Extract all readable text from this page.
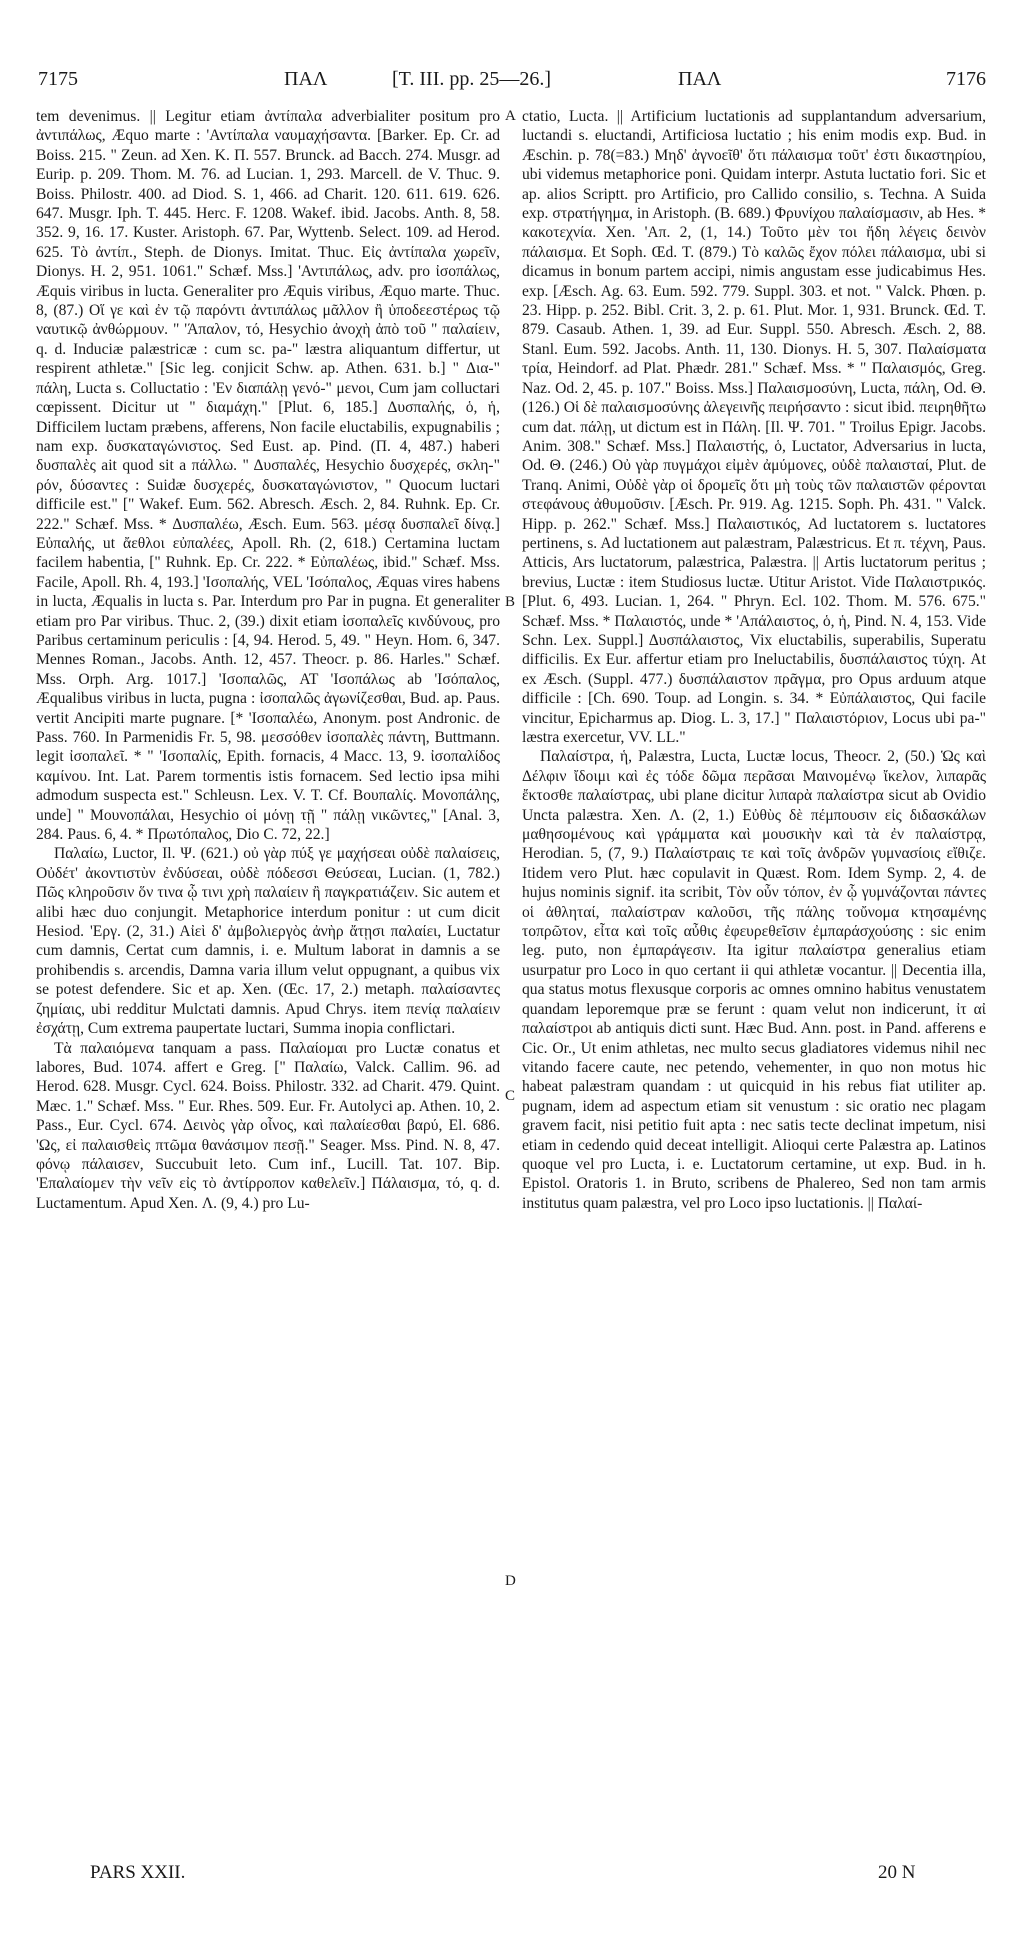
7175	ΠΑΛ	[T. III. pp. 25—26.]	ΠΑΛ	7176

tem devenimus. || Legitur etiam ἀντίπαλα adverbialiter positum pro ἀντιπάλως, Æquo marte : 'Αντίπαλα ναυμαχήσαντα. [Barker. Ep. Cr. ad Boiss. 215. " Zeun. ad Xen. K. Π. 557. Brunck. ad Bacch. 274. Musgr. ad Eurip. p. 209. Thom. M. 76. ad Lucian. 1, 293. Marcell. de V. Thuc. 9. Boiss. Philostr. 400. ad Diod. S. 1, 466. ad Charit. 120. 611. 619. 626. 647. Musgr. Iph. T. 445. Herc. F. 1208. Wakef. ibid. Jacobs. Anth. 8, 58. 352. 9, 16. 17. Kuster. Aristoph. 67. Par, Wyttenb. Select. 109. ad Herod. 625. Τὸ ἀντίπ., Steph. de Dionys. Imitat. Thuc. Εἰς ἀντίπαλα χωρεῖν, Dionys. H. 2, 951. 1061." Schæf. Mss.] 'Αντιπάλως, adv. pro ἰσοπάλως, Æquis viribus in lucta. Generaliter pro Æquis viribus, Æquo marte. Thuc. 8, (87.) Οἵ γε καὶ ἐν τῷ παρόντι ἀντιπάλως μᾶλλον ἢ ὑποδεεστέρως τῷ ναυτικῷ ἀνθώρμουν. " 'Άπαλον, τό, Hesychio ἀνοχὴ ἀπὸ τοῦ " παλαίειν, q. d. Induciæ palæstricæ : cum sc. pa-" læstra aliquantum differtur, ut respirent athletæ." [Sic leg. conjicit Schw. ap. Athen. 631. b.] " Δια-" πάλη, Lucta s. Colluctatio : 'Εν διαπάλῃ γενό-" μενοι, Cum jam colluctari cœpissent. Dicitur ut " διαμάχη." [Plut. 6, 185.] Δυσπαλής, ὁ, ἡ, Difficilem luctam præbens, afferens, Non facile eluctabilis, expugnabilis ; nam exp. δυσκαταγώνιστος. Sed Eust. ap. Pind. (Π. 4, 487.) haberi δυσπαλὲς ait quod sit a πάλλω. " Δυσπαλές, Hesychio δυσχερές, σκλη-" ρόν, δύσαντες : Suidæ δυσχερές, δυσκαταγώνιστον, " Quocum luctari difficile est." [" Wakef. Eum. 562. Abresch. Æsch. 2, 84. Ruhnk. Ep. Cr. 222." Schæf. Mss. * Δυσπαλέω, Æsch. Eum. 563. μέσᾳ δυσπαλεῖ δίνᾳ.] Εὐπαλής, ut ἄεθλοι εὐπαλέες, Apoll. Rh. (2, 618.) Certamina luctam facilem habentia, [" Ruhnk. Ep. Cr. 222. * Εὐπαλέως, ibid." Schæf. Mss. Facile, Apoll. Rh. 4, 193.] 'Ισοπαλής, VEL 'Ισόπαλος, Æquas vires habens in lucta, Æqualis in lucta s. Par. Interdum pro Par in pugna. Et generaliter etiam pro Par viribus. Thuc. 2, (39.) dixit etiam ἰσοπαλεῖς κινδύνους, pro Paribus certaminum periculis : [4, 94. Herod. 5, 49. " Heyn. Hom. 6, 347. Mennes Roman., Jacobs. Anth. 12, 457. Theocr. p. 86. Harles." Schæf. Mss. Orph. Arg. 1017.] 'Ισοπαλῶς, AT 'Ισοπάλως ab 'Ισόπαλος, Æqualibus viribus in lucta, pugna : ἰσοπαλῶς ἀγωνίζεσθαι, Bud. ap. Paus. vertit Ancipiti marte pugnare. [* 'Ισοπαλέω, Anonym. post Andronic. de Pass. 760. In Parmenidis Fr. 5, 98. μεσσόθεν ἰσοπαλὲς πάντη, Buttmann. legit ἰσοπαλεῖ. * " 'Ισοπαλίς, Epith. fornacis, 4 Macc. 13, 9. ἰσοπαλίδος καμίνου. Int. Lat. Parem tormentis istis fornacem. Sed lectio ipsa mihi admodum suspecta est." Schleusn. Lex. V. T. Cf. Βουπαλίς. Μονοπάλης, unde] " Μουνοπάλαι, Hesychio οἱ μόνῃ τῇ " πάλῃ νικῶντες," [Anal. 3, 284. Paus. 6, 4. * Πρωτόπαλος, Dio C. 72, 22.]

Παλαίω, Luctor, Il. Ψ. (621.) οὐ γὰρ πύξ γε μαχήσεαι οὐδὲ παλαίσεις, Οὐδέτ' ἀκοντιστὺν ἐνδύσεαι, οὐδὲ πόδεσσι Θεύσεαι, Lucian. (1, 782.) Πῶς κληροῦσιν ὅν τινα ᾧ τινι χρὴ παλαίειν ἢ παγκρατιάζειν. Sic autem et alibi hæc duo conjungit. Metaphorice interdum ponitur : ut cum dicit Hesiod. 'Εργ. (2, 31.) Αἰεὶ δ' ἀμβολιεργὸς ἀνὴρ ἄτῃσι παλαίει, Luctatur cum damnis, Certat cum damnis, i. e. Multum laborat in damnis a se prohibendis s. arcendis, Damna varia illum velut oppugnant, a quibus vix se potest defendere. Sic et ap. Xen. (Œc. 17, 2.) metaph. παλαίσαντες ζημίαις, ubi redditur Mulctati damnis. Apud Chrys. item πενίᾳ παλαίειν ἐσχάτῃ, Cum extrema paupertate luctari, Summa inopia conflictari.

Τὰ παλαιόμενα tanquam a pass. Παλαίομαι pro Luctæ conatus et labores, Bud. 1074. affert e Greg. [" Παλαίω, Valck. Callim. 96. ad Herod. 628. Musgr. Cycl. 624. Boiss. Philostr. 332. ad Charit. 479. Quint. Mæc. 1." Schæf. Mss. " Eur. Rhes. 509. Eur. Fr. Autolyci ap. Athen. 10, 2. Pass., Eur. Cycl. 674. Δεινὸς γὰρ οἶνος, καὶ παλαίεσθαι βαρύ, El. 686. 'Ως, εἰ παλαισθεὶς πτῶμα θανάσιμον πεσῇ." Seager. Mss. Pind. N. 8, 47. φόνῳ πάλαισεν, Succubuit leto. Cum inf., Lucill. Tat. 107. Bip. 'Επαλαίομεν τὴν νεῖν εἰς τὸ ἀντίρροπον καθελεῖν.] Πάλαισμα, τό, q. d. Luctamentum. Apud Xen. Λ. (9, 4.) pro Lu-

ctatio, Lucta. || Artificium luctationis ad supplantandum adversarium, luctandi s. eluctandi, Artificiosa luctatio ; his enim modis exp. Bud. in Æschin. p. 78(=83.) Μηδ' ἀγνοεῖθ' ὅτι πάλαισμα τοῦτ' ἐστι δικαστηρίου, ubi videmus metaphorice poni. Quidam interpr. Astuta luctatio fori. Sic et ap. alios Scriptt. pro Artificio, pro Callido consilio, s. Techna. A Suida exp. στρατήγημα, in Aristoph. (B. 689.) Φρυνίχου παλαίσμασιν, ab Hes. * κακοτεχνία. Xen. 'Απ. 2, (1, 14.) Τοῦτο μὲν τοι ἤδη λέγεις δεινὸν πάλαισμα. Et Soph. Œd. T. (879.) Τὸ καλῶς ἔχον πόλει πάλαισμα, ubi si dicamus in bonum partem accipi, nimis angustam esse judicabimus Hes. exp. [Æsch. Ag. 63. Eum. 592. 779. Suppl. 303. et not. " Valck. Phœn. p. 23. Hipp. p. 252. Bibl. Crit. 3, 2. p. 61. Plut. Mor. 1, 931. Brunck. Œd. T. 879. Casaub. Athen. 1, 39. ad Eur. Suppl. 550. Abresch. Æsch. 2, 88. Stanl. Eum. 592. Jacobs. Anth. 11, 130. Dionys. H. 5, 307. Παλαίσματα τρία, Heindorf. ad Plat. Phædr. 281." Schæf. Mss. * " Παλαισμός, Greg. Naz. Od. 2, 45. p. 107." Boiss. Mss.] Παλαισμοσύνη, Lucta, πάλη, Od. Θ. (126.) Οἱ δὲ παλαισμοσύνης ἀλεγεινῆς πειρήσαντο : sicut ibid. πειρηθῆτω cum dat. πάλῃ, ut dictum est in Πάλη. [Il. Ψ. 701. " Troilus Epigr. Jacobs. Anim. 308." Schæf. Mss.] Παλαιστής, ὁ, Luctator, Adversarius in lucta, Od. Θ. (246.) Οὐ γὰρ πυγμάχοι εἰμὲν ἀμύμονες, οὐδὲ παλαισταί, Plut. de Tranq. Animi, Οὐδὲ γὰρ οἱ δρομεῖς ὅτι μὴ τοὺς τῶν παλαιστῶν φέρονται στεφάνους ἀθυμοῦσιν. [Æsch. Pr. 919. Ag. 1215. Soph. Ph. 431. " Valck. Hipp. p. 262." Schæf. Mss.] Παλαιστικός, Ad luctatorem s. luctatores pertinens, s. Ad luctationem aut palæstram, Palæstricus. Et π. τέχνη, Paus. Atticis, Ars luctatorum, palæstrica, Palæstra. || Artis luctatorum peritus ; brevius, Luctæ : item Studiosus luctæ. Utitur Aristot. Vide Παλαιστρικός. [Plut. 6, 493. Lucian. 1, 264. " Phryn. Ecl. 102. Thom. M. 576. 675." Schæf. Mss. * Παλαιστός, unde * 'Απάλαιστος, ὁ, ἡ, Pind. N. 4, 153. Vide Schn. Lex. Suppl.] Δυσπάλαιστος, Vix eluctabilis, superabilis, Superatu difficilis. Ex Eur. affertur etiam pro Ineluctabilis, δυσπάλαιστος τύχη. At ex Æsch. (Suppl. 477.) δυσπάλαιστον πρᾶγμα, pro Opus arduum atque difficile : [Ch. 690. Toup. ad Longin. s. 34. * Εὐπάλαιστος, Qui facile vincitur, Epicharmus ap. Diog. L. 3, 17.] " Παλαιστόριον, Locus ubi pa-" læstra exercetur, VV. LL."

Παλαίστρα, ἡ, Palæstra, Lucta, Luctæ locus, Theocr. 2, (50.) Ὡς καὶ Δέλφιν ἴδοιμι καὶ ἐς τόδε δῶμα περᾶσαι Μαινομένῳ ἴκελον, λιπαρᾶς ἔκτοσθε παλαίστρας, ubi plane dicitur λιπαρὰ παλαίστρα sicut ab Ovidio Uncta palæstra. Xen. Λ. (2, 1.) Εὐθὺς δὲ πέμπουσιν εἰς διδασκάλων μαθησομένους καὶ γράμματα καὶ μουσικὴν καὶ τὰ ἐν παλαίστρᾳ, Herodian. 5, (7, 9.) Παλαίστραις τε καὶ τοῖς ἀνδρῶν γυμνασίοις εἴθιζε. Itidem vero Plut. hæc copulavit in Quæst. Rom. Idem Symp. 2, 4. de hujus nominis signif. ita scribit, Τὸν οὖν τόπον, ἐν ᾧ γυμνάζονται πάντες οἱ ἀθληταί, παλαίστραν καλοῦσι, τῆς πάλης τοὔνομα κτησαμένης τοπρῶτον, εἶτα καὶ τοῖς αὖθις ἐφευρεθεῖσιν ἐμπαράσχούσης : sic enim leg. puto, non ἐμπαράγεσιν. Ita igitur παλαίστρα generalius etiam usurpatur pro Loco in quo certant ii qui athletæ vocantur. || Decentia illa, qua status motus flexusque corporis ac omnes omnino habitus venustatem quandam leporemque præ se ferunt : quam velut non indicerunt, ἰτ αἰ παλαίστροι ab antiquis dicti sunt. Hæc Bud. Ann. post. in Pand. afferens e Cic. Or., Ut enim athletas, nec multo secus gladiatores videmus nihil nec vitando facere caute, nec petendo, vehementer, in quo non motus hic habeat palæstram quandam : ut quicquid in his rebus fiat utiliter ap. pugnam, idem ad aspectum etiam sit venustum : sic oratio nec plagam gravem facit, nisi petitio fuit apta : nec satis tecte declinat impetum, nisi etiam in cedendo quid deceat intelligit. Alioqui certe Palæstra ap. Latinos quoque vel pro Lucta, i. e. Luctatorum certamine, ut exp. Bud. in h. Epistol. Oratoris 1. in Bruto, scribens de Phalereo, Sed non tam armis institutus quam palæstra, vel pro Loco ipso luctationis. || Παλαί-

A
B
C
D
PARS XXII.	20 N
